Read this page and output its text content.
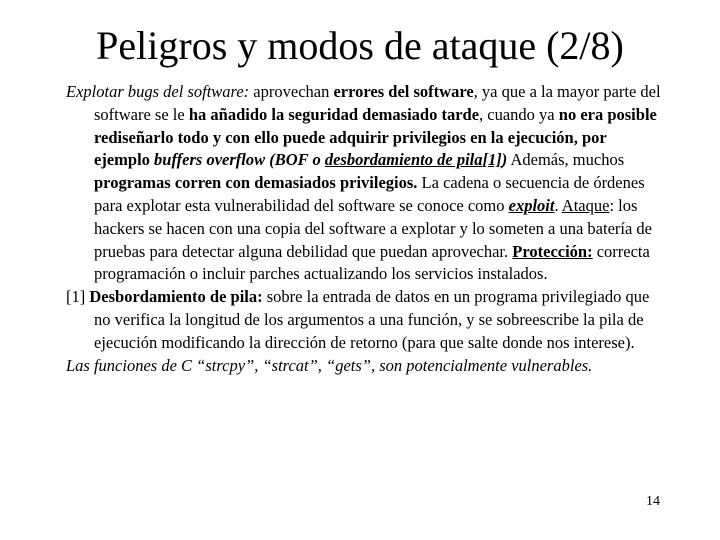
Peligros y modos de ataque (2/8)

Explotar bugs del software: aprovechan errores del software, ya que a la mayor parte del software se le ha añadido la seguridad demasiado tarde, cuando ya no era posible rediseñarlo todo y con ello puede adquirir privilegios en la ejecución, por ejemplo buffers overflow (BOF o desbordamiento de pila[1]) Además, muchos programas corren con demasiados privilegios. La cadena o secuencia de órdenes para explotar esta vulnerabilidad del software se conoce como exploit. Ataque: los hackers se hacen con una copia del software a explotar y lo someten a una batería de pruebas para detectar alguna debilidad que puedan aprovechar. Protección: correcta programación o incluir parches actualizando los servicios instalados.

[1] Desbordamiento de pila: sobre la entrada de datos en un programa privilegiado que no verifica la longitud de los argumentos a una función, y se sobreescribe la pila de ejecución modificando la dirección de retorno (para que salte donde nos interese).

Las funciones de C “strcpy”, “strcat”, “gets”, son potencialmente vulnerables.

14
